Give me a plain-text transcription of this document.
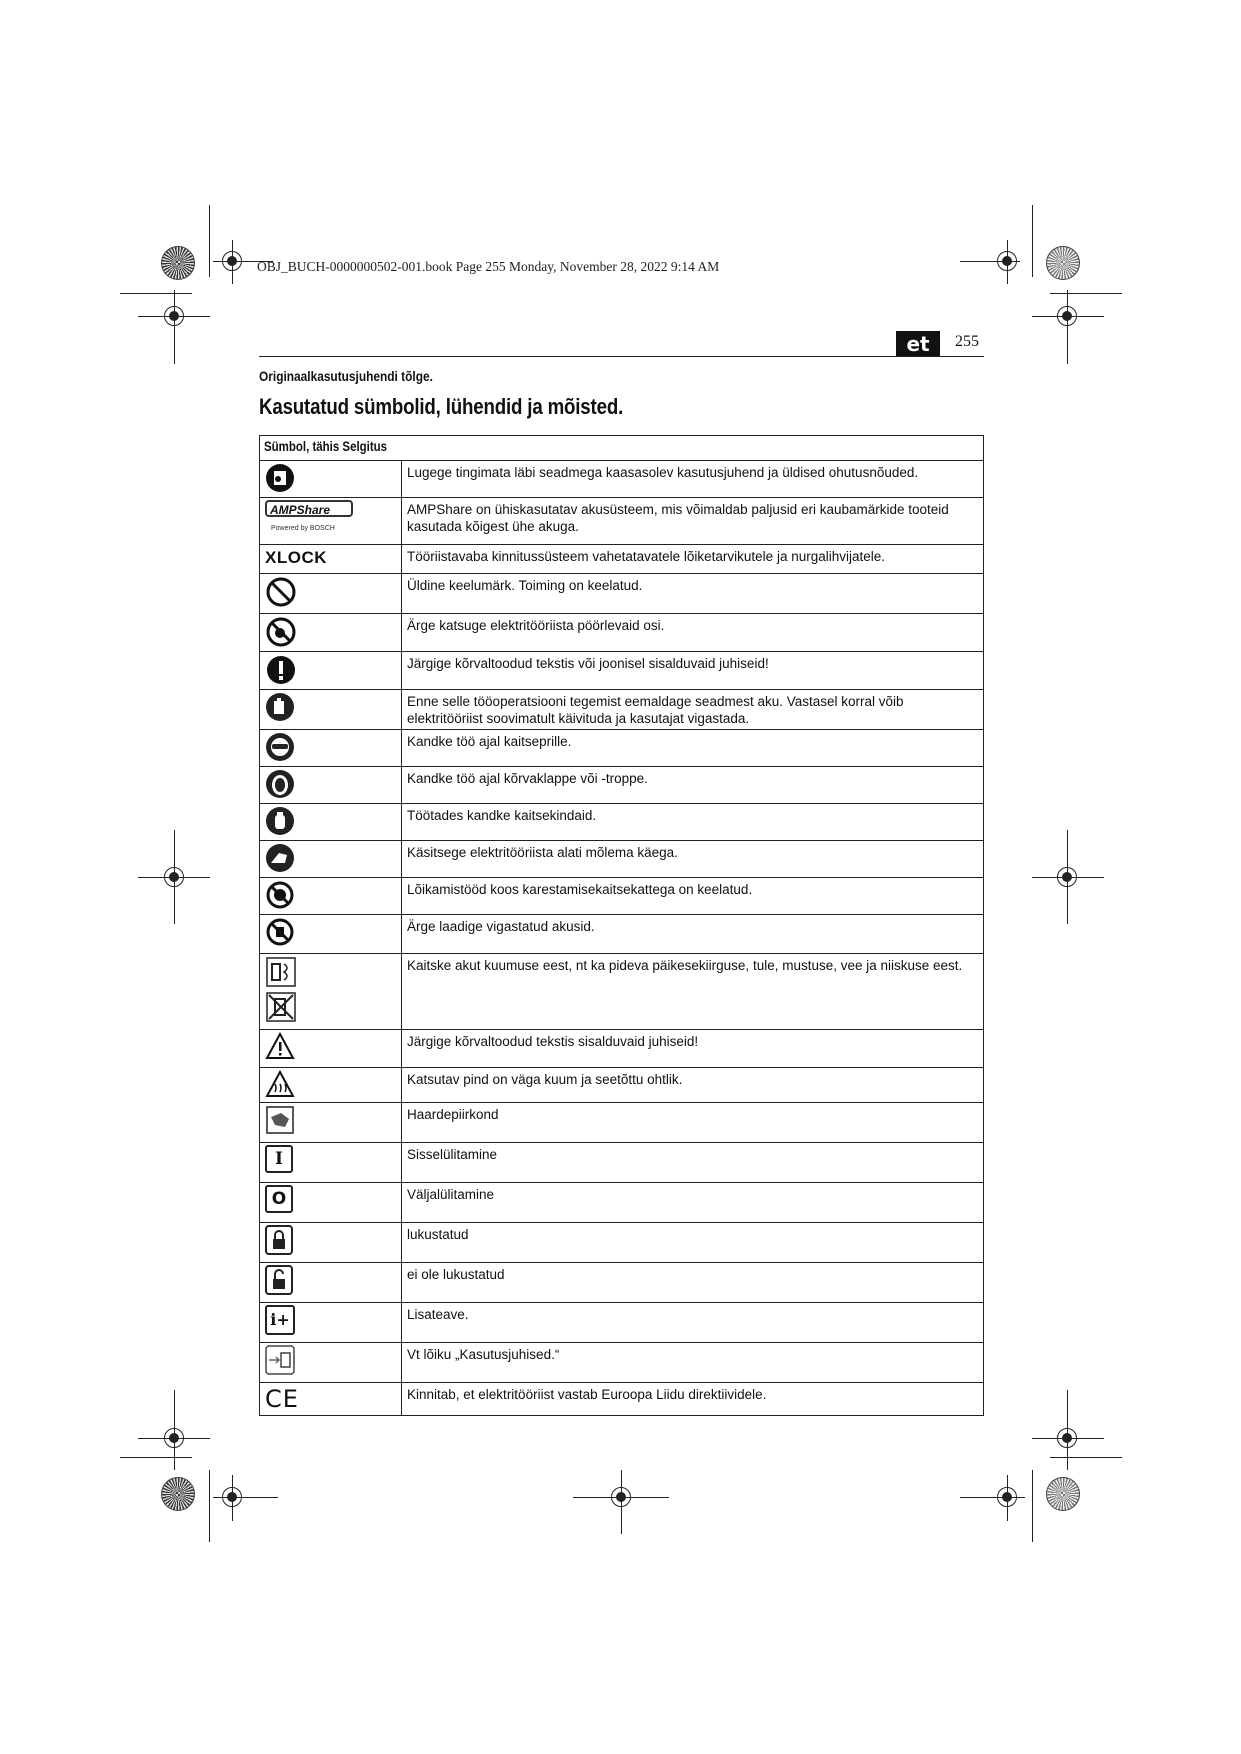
OBJ_BUCH-0000000502-001.book Page 255 Monday, November 28, 2022 9:14 AM
et	255
Originaalkasutusjuhendi tõlge.
Kasutatud sümbolid, lühendid ja mõisted.
Sümbol, tähis Selgitus	

	Lugege tingimata läbi seadmega kaasasolev kasutusjuhend ja üldised ohutusnõuded.

AMPShare
Powered by BOSCH	AMPShare on ühiskasutatav akusüsteem, mis võimaldab paljusid eri kaubamärkide tooteid kasutada kõigest ühe akuga.

XLOCK	Tööriistavaba kinnitussüsteem vahetatavatele lõiketarvikutele ja nurgalihvijatele.

	Üldine keelumärk. Toiming on keelatud.

	Ärge katsuge elektritööriista pöörlevaid osi.

	Järgige kõrvaltoodud tekstis või joonisel sisalduvaid juhiseid!

	Enne selle tööoperatsiooni tegemist eemaldage seadmest aku. Vastasel korral võib elektritööriist soovimatult käivituda ja kasutajat vigastada.

	Kandke töö ajal kaitseprille.

	Kandke töö ajal kõrvaklappe või -troppe.

	Töötades kandke kaitsekindaid.

	Käsitsege elektritööriista alati mõlema käega.

	Lõikamistööd koos karestamisekaitsekattega on keelatud.

	Ärge laadige vigastatud akusid.

	Kaitske akut kuumuse eest, nt ka pideva päikesekiirguse, tule, mustuse, vee ja niiskuse eest.

	Järgige kõrvaltoodud tekstis sisalduvaid juhiseid!

	Katsutav pind on väga kuum ja seetõttu ohtlik.

	Haardepiirkond

I	Sisselülitamine

O	Väljalülitamine

	lukustatud

	ei ole lukustatud

i+	Lisateave.

	Vt lõiku „Kasutusjuhised.“

CE	Kinnitab, et elektritööriist vastab Euroopa Liidu direktiividele.
